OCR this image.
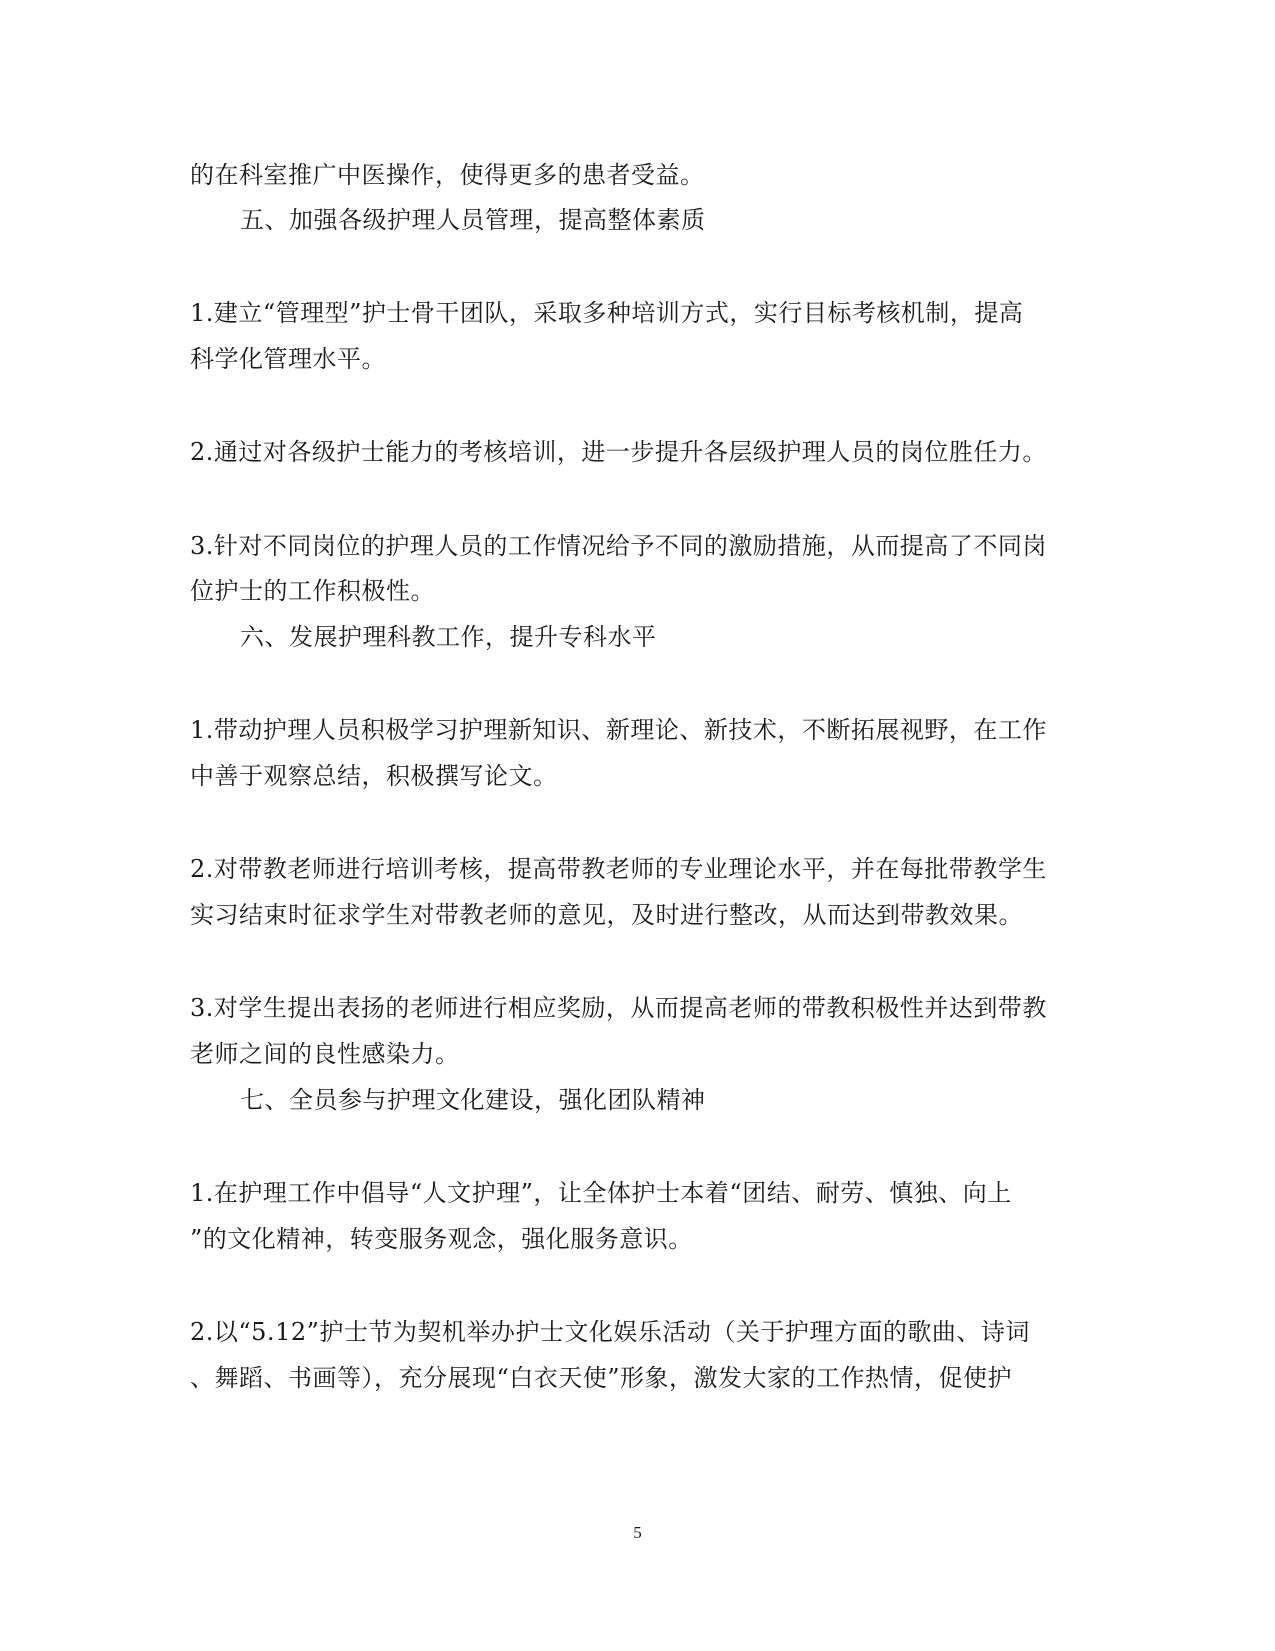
的在科室推广中医操作，使得更多的患者受益。
五、加强各级护理人员管理，提高整体素质
1.建立“管理型”护士骨干团队，采取多种培训方式，实行目标考核机制，提高
科学化管理水平。
2.通过对各级护士能力的考核培训，进一步提升各层级护理人员的岗位胜任力。
3.针对不同岗位的护理人员的工作情况给予不同的激励措施，从而提高了不同岗
位护士的工作积极性。
六、发展护理科教工作，提升专科水平
1.带动护理人员积极学习护理新知识、新理论、新技术，不断拓展视野，在工作
中善于观察总结，积极撰写论文。
2.对带教老师进行培训考核，提高带教老师的专业理论水平，并在每批带教学生
实习结束时征求学生对带教老师的意见，及时进行整改，从而达到带教效果。
3.对学生提出表扬的老师进行相应奖励，从而提高老师的带教积极性并达到带教
老师之间的良性感染力。
七、全员参与护理文化建设，强化团队精神
1.在护理工作中倡导“人文护理”，让全体护士本着“团结、耐劳、慎独、向上
”的文化精神，转变服务观念，强化服务意识。
2.以“5.12”护士节为契机举办护士文化娱乐活动（关于护理方面的歌曲、诗词
、舞蹈、书画等），充分展现“白衣天使”形象，激发大家的工作热情，促使护
5
